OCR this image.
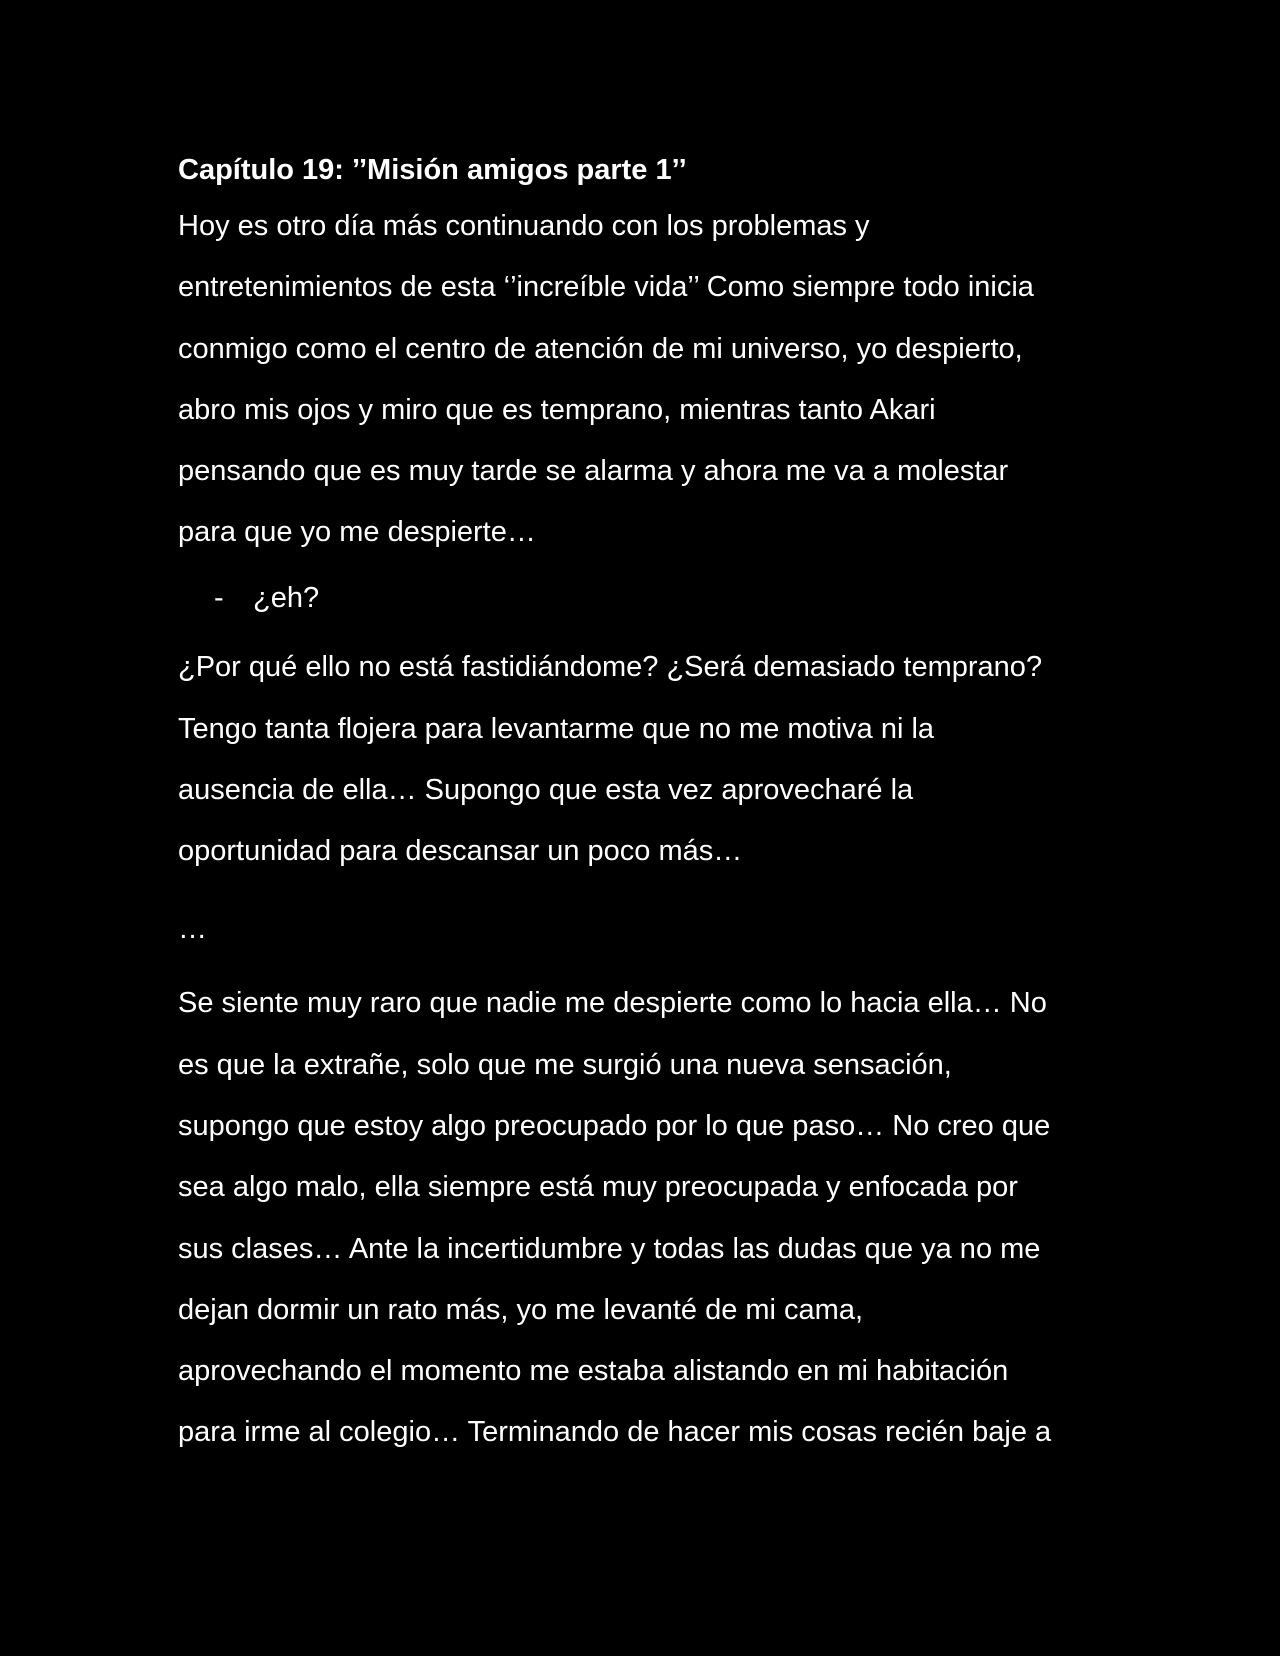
Capítulo 19: ’’Misión amigos parte 1’’
Hoy es otro día más continuando con los problemas y
entretenimientos de esta ‘’increíble vida’’ Como siempre todo inicia
conmigo como el centro de atención de mi universo, yo despierto,
abro mis ojos y miro que es temprano, mientras tanto Akari
pensando que es muy tarde se alarma y ahora me va a molestar
para que yo me despierte…
- ¿eh?
¿Por qué ello no está fastidiándome? ¿Será demasiado temprano?
Tengo tanta flojera para levantarme que no me motiva ni la
ausencia de ella… Supongo que esta vez aprovecharé la
oportunidad para descansar un poco más…
…
Se siente muy raro que nadie me despierte como lo hacia ella… No
es que la extrañe, solo que me surgió una nueva sensación,
supongo que estoy algo preocupado por lo que paso… No creo que
sea algo malo, ella siempre está muy preocupada y enfocada por
sus clases… Ante la incertidumbre y todas las dudas que ya no me
dejan dormir un rato más, yo me levanté de mi cama,
aprovechando el momento me estaba alistando en mi habitación
para irme al colegio… Terminando de hacer mis cosas recién baje a
